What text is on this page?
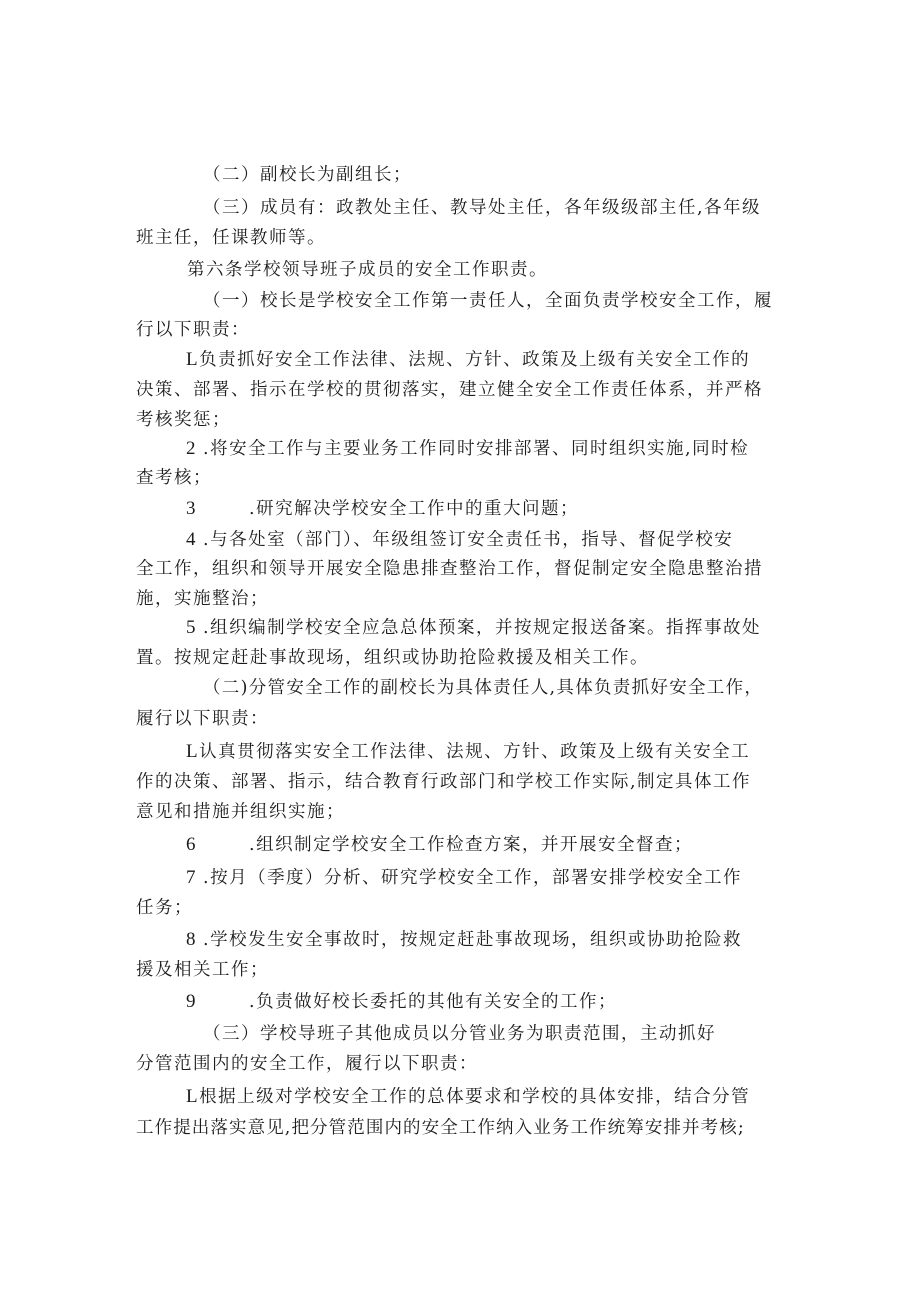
（二）副校长为副组长；
（三）成员有：政教处主任、教导处主任，各年级级部主任,各年级
班主任，任课教师等。
第六条学校领导班子成员的安全工作职责。
（一）校长是学校安全工作第一责任人，全面负责学校安全工作，履
行以下职责：
L负责抓好安全工作法律、法规、方针、政策及上级有关安全工作的
决策、部署、指示在学校的贯彻落实，建立健全安全工作责任体系，并严格
考核奖惩；
2 .将安全工作与主要业务工作同时安排部署、同时组织实施,同时检
查考核；
3	.研究解决学校安全工作中的重大问题；
4 .与各处室（部门）、年级组签订安全责任书，指导、督促学校安
全工作，组织和领导开展安全隐患排查整治工作，督促制定安全隐患整治措
施，实施整治；
5 .组织编制学校安全应急总体预案，并按规定报送备案。指挥事故处
置。按规定赶赴事故现场，组织或协助抢险救援及相关工作。
（二)分管安全工作的副校长为具体责任人,具体负责抓好安全工作，
履行以下职责：
L认真贯彻落实安全工作法律、法规、方针、政策及上级有关安全工
作的决策、部署、指示，结合教育行政部门和学校工作实际,制定具体工作
意见和措施并组织实施；
6	.组织制定学校安全工作检查方案，并开展安全督查；
7 .按月（季度）分析、研究学校安全工作，部署安排学校安全工作
任务；
8 .学校发生安全事故时，按规定赶赴事故现场，组织或协助抢险救
援及相关工作；
9	.负责做好校长委托的其他有关安全的工作；
（三）学校导班子其他成员以分管业务为职责范围，主动抓好
分管范围内的安全工作，履行以下职责：
L根据上级对学校安全工作的总体要求和学校的具体安排，结合分管
工作提出落实意见,把分管范围内的安全工作纳入业务工作统筹安排并考核;
